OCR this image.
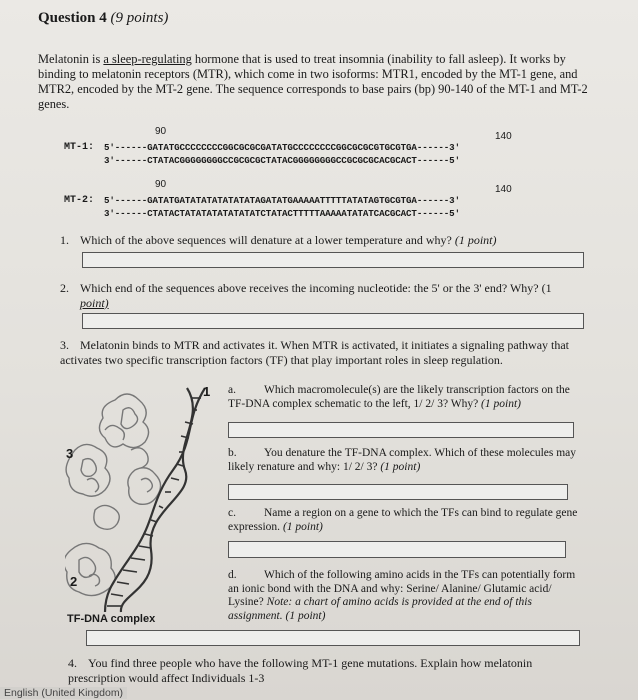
Question 4 (9 points)
Melatonin is a sleep-regulating hormone that is used to treat insomnia (inability to fall asleep). It works by binding to melatonin receptors (MTR), which come in two isoforms: MTR1, encoded by the MT-1 gene, and MTR2, encoded by the MT-2 gene. The sequence corresponds to base pairs (bp) 90-140 of the MT-1 and MT-2 genes.
90	140
MT-1: 5'------GATATGCCCCCCCCGGCGCGCGATATGCCCCCCCCGGCGCGCGTGCGTGA------3'
3'------CTATACGGGGGGGGCCGCGCGCTATACGGGGGGGGCCGCGCGCACGCACT------5'
90	140
MT-2: 5'------GATATGATATATATATATATAGATATGAAAAATTTTTATATAGTGCGTGA------3'
3'------CTATACTATATATATATATATCTATACTTTTTAAAAATATATCACGCACT------5'
1. Which of the above sequences will denature at a lower temperature and why? (1 point)
2. Which end of the sequences above receives the incoming nucleotide: the 5' or the 3' end? Why? (1
point)
3. Melatonin binds to MTR and activates it. When MTR is activated, it initiates a signaling pathway that activates two specific transcription factors (TF) that play important roles in sleep regulation.
1
3
2
TF-DNA complex
a. Which macromolecule(s) are the likely transcription factors on the TF-DNA complex schematic to the left, 1/ 2/ 3? Why? (1 point)
b. You denature the TF-DNA complex. Which of these molecules may likely renature and why: 1/ 2/ 3? (1 point)
c. Name a region on a gene to which the TFs can bind to regulate gene expression. (1 point)
d. Which of the following amino acids in the TFs can potentially form an ionic bond with the DNA and why: Serine/ Alanine/ Glutamic acid/ Lysine? Note: a chart of amino acids is provided at the end of this assignment. (1 point)
4. You find three people who have the following MT-1 gene mutations. Explain how melatonin prescription would affect Individuals 1-3
English (United Kingdom)
